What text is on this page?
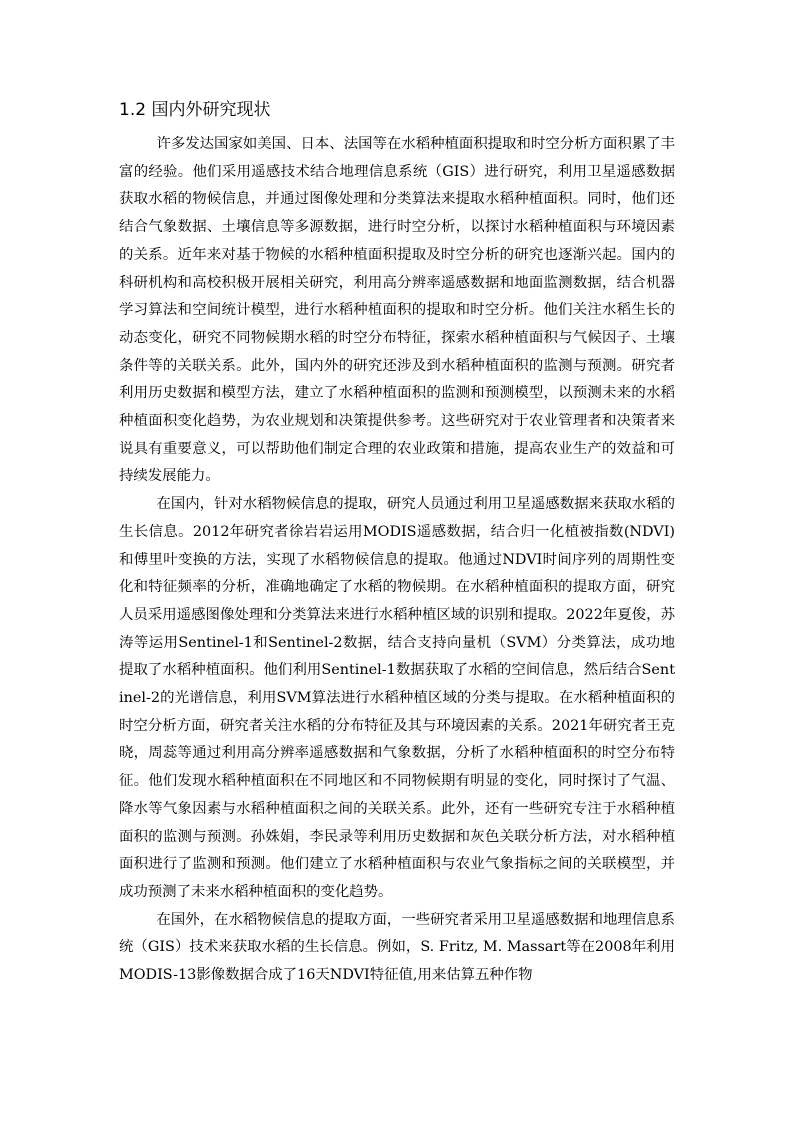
1.2 国内外研究现状

许多发达国家如美国、日本、法国等在水稻种植面积提取和时空分析方面积累了丰富的经验。他们采用遥感技术结合地理信息系统（GIS）进行研究，利用卫星遥感数据获取水稻的物候信息，并通过图像处理和分类算法来提取水稻种植面积。同时，他们还结合气象数据、土壤信息等多源数据，进行时空分析，以探讨水稻种植面积与环境因素的关系。近年来对基于物候的水稻种植面积提取及时空分析的研究也逐渐兴起。国内的科研机构和高校积极开展相关研究，利用高分辨率遥感数据和地面监测数据，结合机器学习算法和空间统计模型，进行水稻种植面积的提取和时空分析。他们关注水稻生长的动态变化，研究不同物候期水稻的时空分布特征，探索水稻种植面积与气候因子、土壤条件等的关联关系。此外，国内外的研究还涉及到水稻种植面积的监测与预测。研究者利用历史数据和模型方法，建立了水稻种植面积的监测和预测模型，以预测未来的水稻种植面积变化趋势，为农业规划和决策提供参考。这些研究对于农业管理者和决策者来说具有重要意义，可以帮助他们制定合理的农业政策和措施，提高农业生产的效益和可持续发展能力。

在国内，针对水稻物候信息的提取，研究人员通过利用卫星遥感数据来获取水稻的生长信息。2012年研究者徐岩岩运用MODIS遥感数据，结合归一化植被指数(NDVI)和傅里叶变换的方法，实现了水稻物候信息的提取。他通过NDVI时间序列的周期性变化和特征频率的分析，准确地确定了水稻的物候期。在水稻种植面积的提取方面，研究人员采用遥感图像处理和分类算法来进行水稻种植区域的识别和提取。2022年夏俊，苏涛等运用Sentinel-1和Sentinel-2数据，结合支持向量机（SVM）分类算法，成功地提取了水稻种植面积。他们利用Sentinel-1数据获取了水稻的空间信息，然后结合Sentinel-2的光谱信息，利用SVM算法进行水稻种植区域的分类与提取。在水稻种植面积的时空分析方面，研究者关注水稻的分布特征及其与环境因素的关系。2021年研究者王克晓，周蕊等通过利用高分辨率遥感数据和气象数据，分析了水稻种植面积的时空分布特征。他们发现水稻种植面积在不同地区和不同物候期有明显的变化，同时探讨了气温、降水等气象因素与水稻种植面积之间的关联关系。此外，还有一些研究专注于水稻种植面积的监测与预测。孙姝娟，李民录等利用历史数据和灰色关联分析方法，对水稻种植面积进行了监测和预测。他们建立了水稻种植面积与农业气象指标之间的关联模型，并成功预测了未来水稻种植面积的变化趋势。

在国外，在水稻物候信息的提取方面，一些研究者采用卫星遥感数据和地理信息系统（GIS）技术来获取水稻的生长信息。例如，S. Fritz, M. Massart等在2008年利用MODIS-13影像数据合成了16天NDVI特征值,用来估算五种作物
